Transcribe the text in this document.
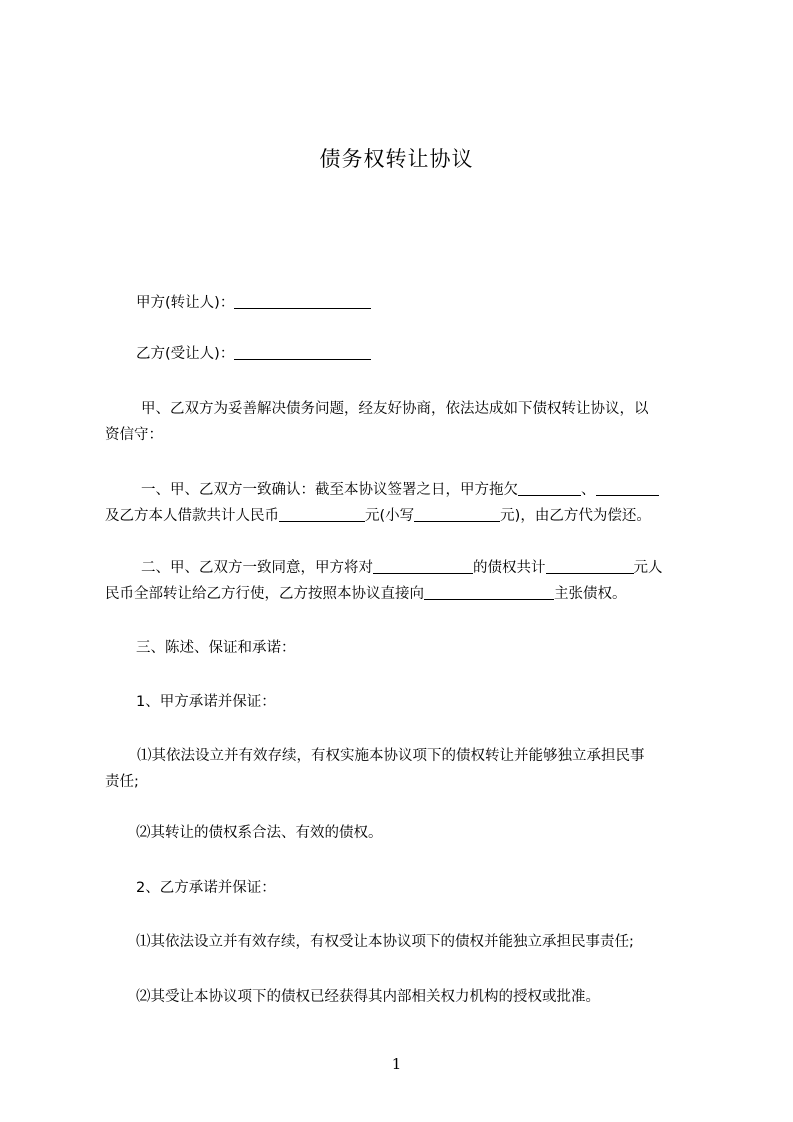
债务权转让协议
甲方(转让人)：
乙方(受让人)：
甲、乙双方为妥善解决债务问题，经友好协商，依法达成如下债权转让协议，以
资信守：
一、甲、乙双方一致确认：截至本协议签署之日，甲方拖欠	、
及乙方本人借款共计人民币	元(小写	元)，由乙方代为偿还。
二、甲、乙双方一致同意，甲方将对	的债权共计	元人
民币全部转让给乙方行使，乙方按照本协议直接向	主张债权。
三、陈述、保证和承诺：
1、甲方承诺并保证：
⑴其依法设立并有效存续，有权实施本协议项下的债权转让并能够独立承担民事
责任;
⑵其转让的债权系合法、有效的债权。
2、乙方承诺并保证：
⑴其依法设立并有效存续，有权受让本协议项下的债权并能独立承担民事责任;
⑵其受让本协议项下的债权已经获得其内部相关权力机构的授权或批准。
1
